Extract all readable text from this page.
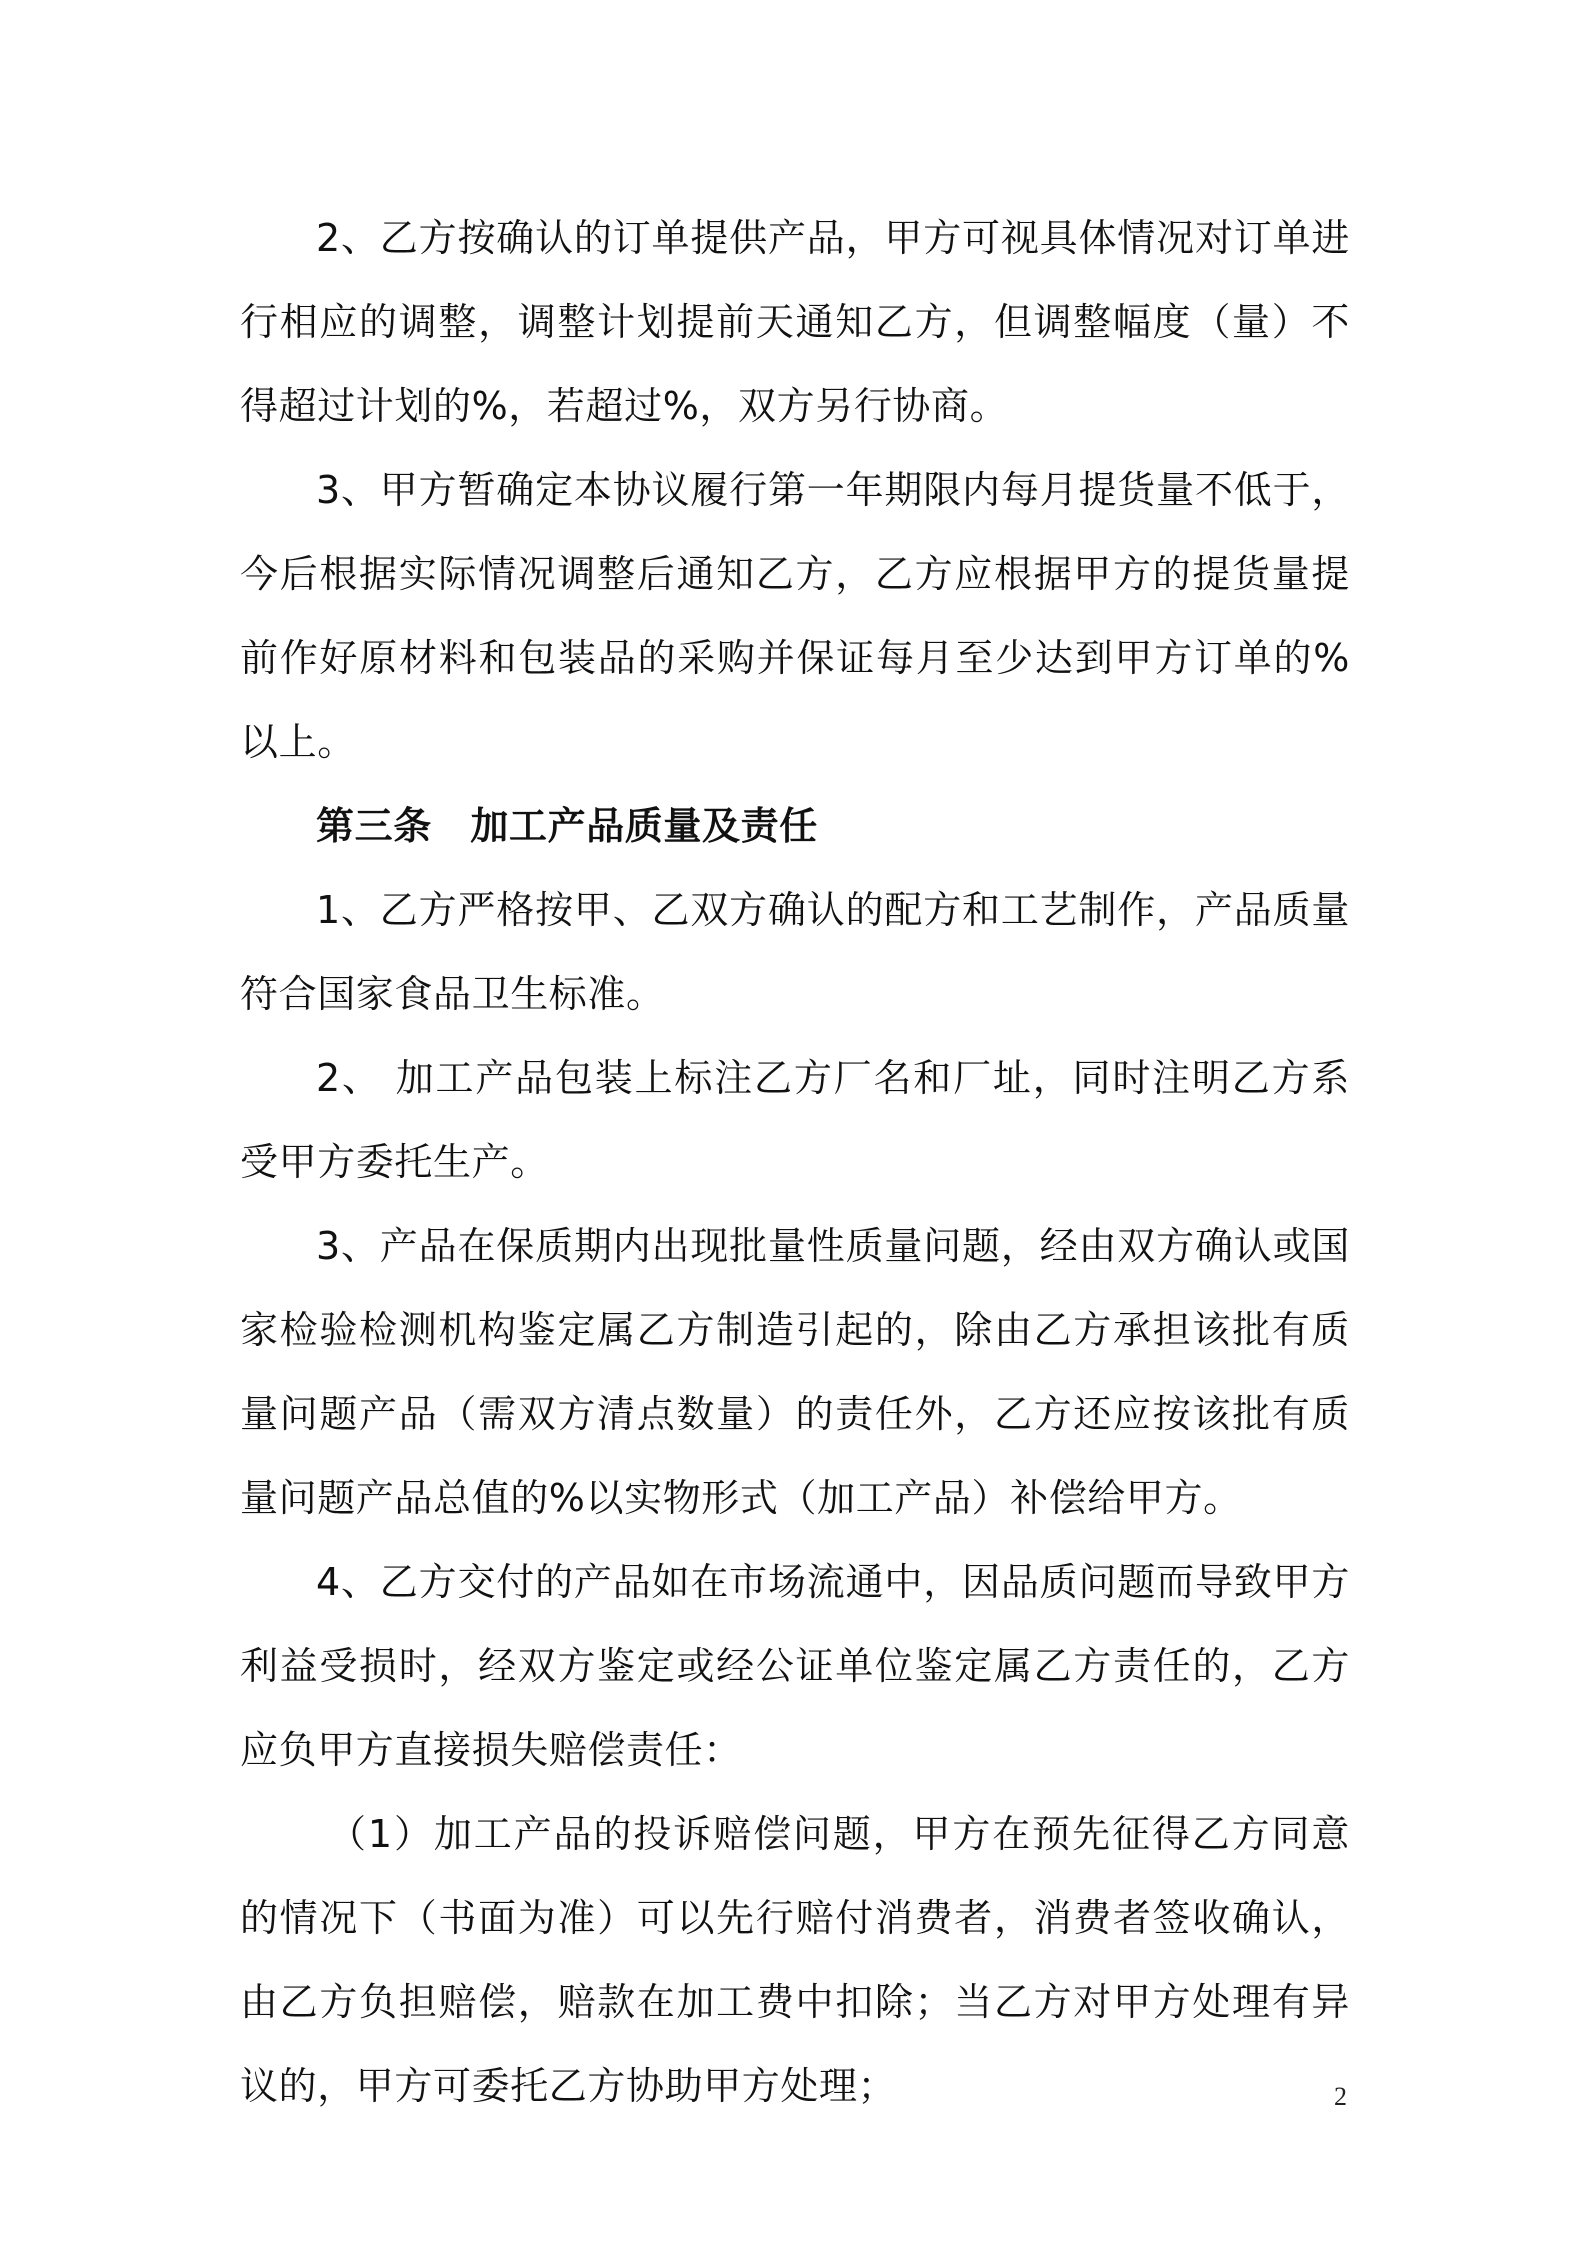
2、乙方按确认的订单提供产品，甲方可视具体情况对订单进行相应的调整，调整计划提前天通知乙方，但调整幅度（量）不得超过计划的%，若超过%，双方另行协商。

3、甲方暂确定本协议履行第一年期限内每月提货量不低于，今后根据实际情况调整后通知乙方，乙方应根据甲方的提货量提前作好原材料和包装品的采购并保证每月至少达到甲方订单的%以上。

第三条　加工产品质量及责任

1、乙方严格按甲、乙双方确认的配方和工艺制作，产品质量符合国家食品卫生标准。

2、 加工产品包装上标注乙方厂名和厂址，同时注明乙方系受甲方委托生产。

3、产品在保质期内出现批量性质量问题，经由双方确认或国家检验检测机构鉴定属乙方制造引起的，除由乙方承担该批有质量问题产品（需双方清点数量）的责任外，乙方还应按该批有质量问题产品总值的%以实物形式（加工产品）补偿给甲方。

4、乙方交付的产品如在市场流通中，因品质问题而导致甲方利益受损时，经双方鉴定或经公证单位鉴定属乙方责任的，乙方应负甲方直接损失赔偿责任：

（1）加工产品的投诉赔偿问题，甲方在预先征得乙方同意的情况下（书面为准）可以先行赔付消费者，消费者签收确认，由乙方负担赔偿，赔款在加工费中扣除；当乙方对甲方处理有异议的，甲方可委托乙方协助甲方处理；	2
